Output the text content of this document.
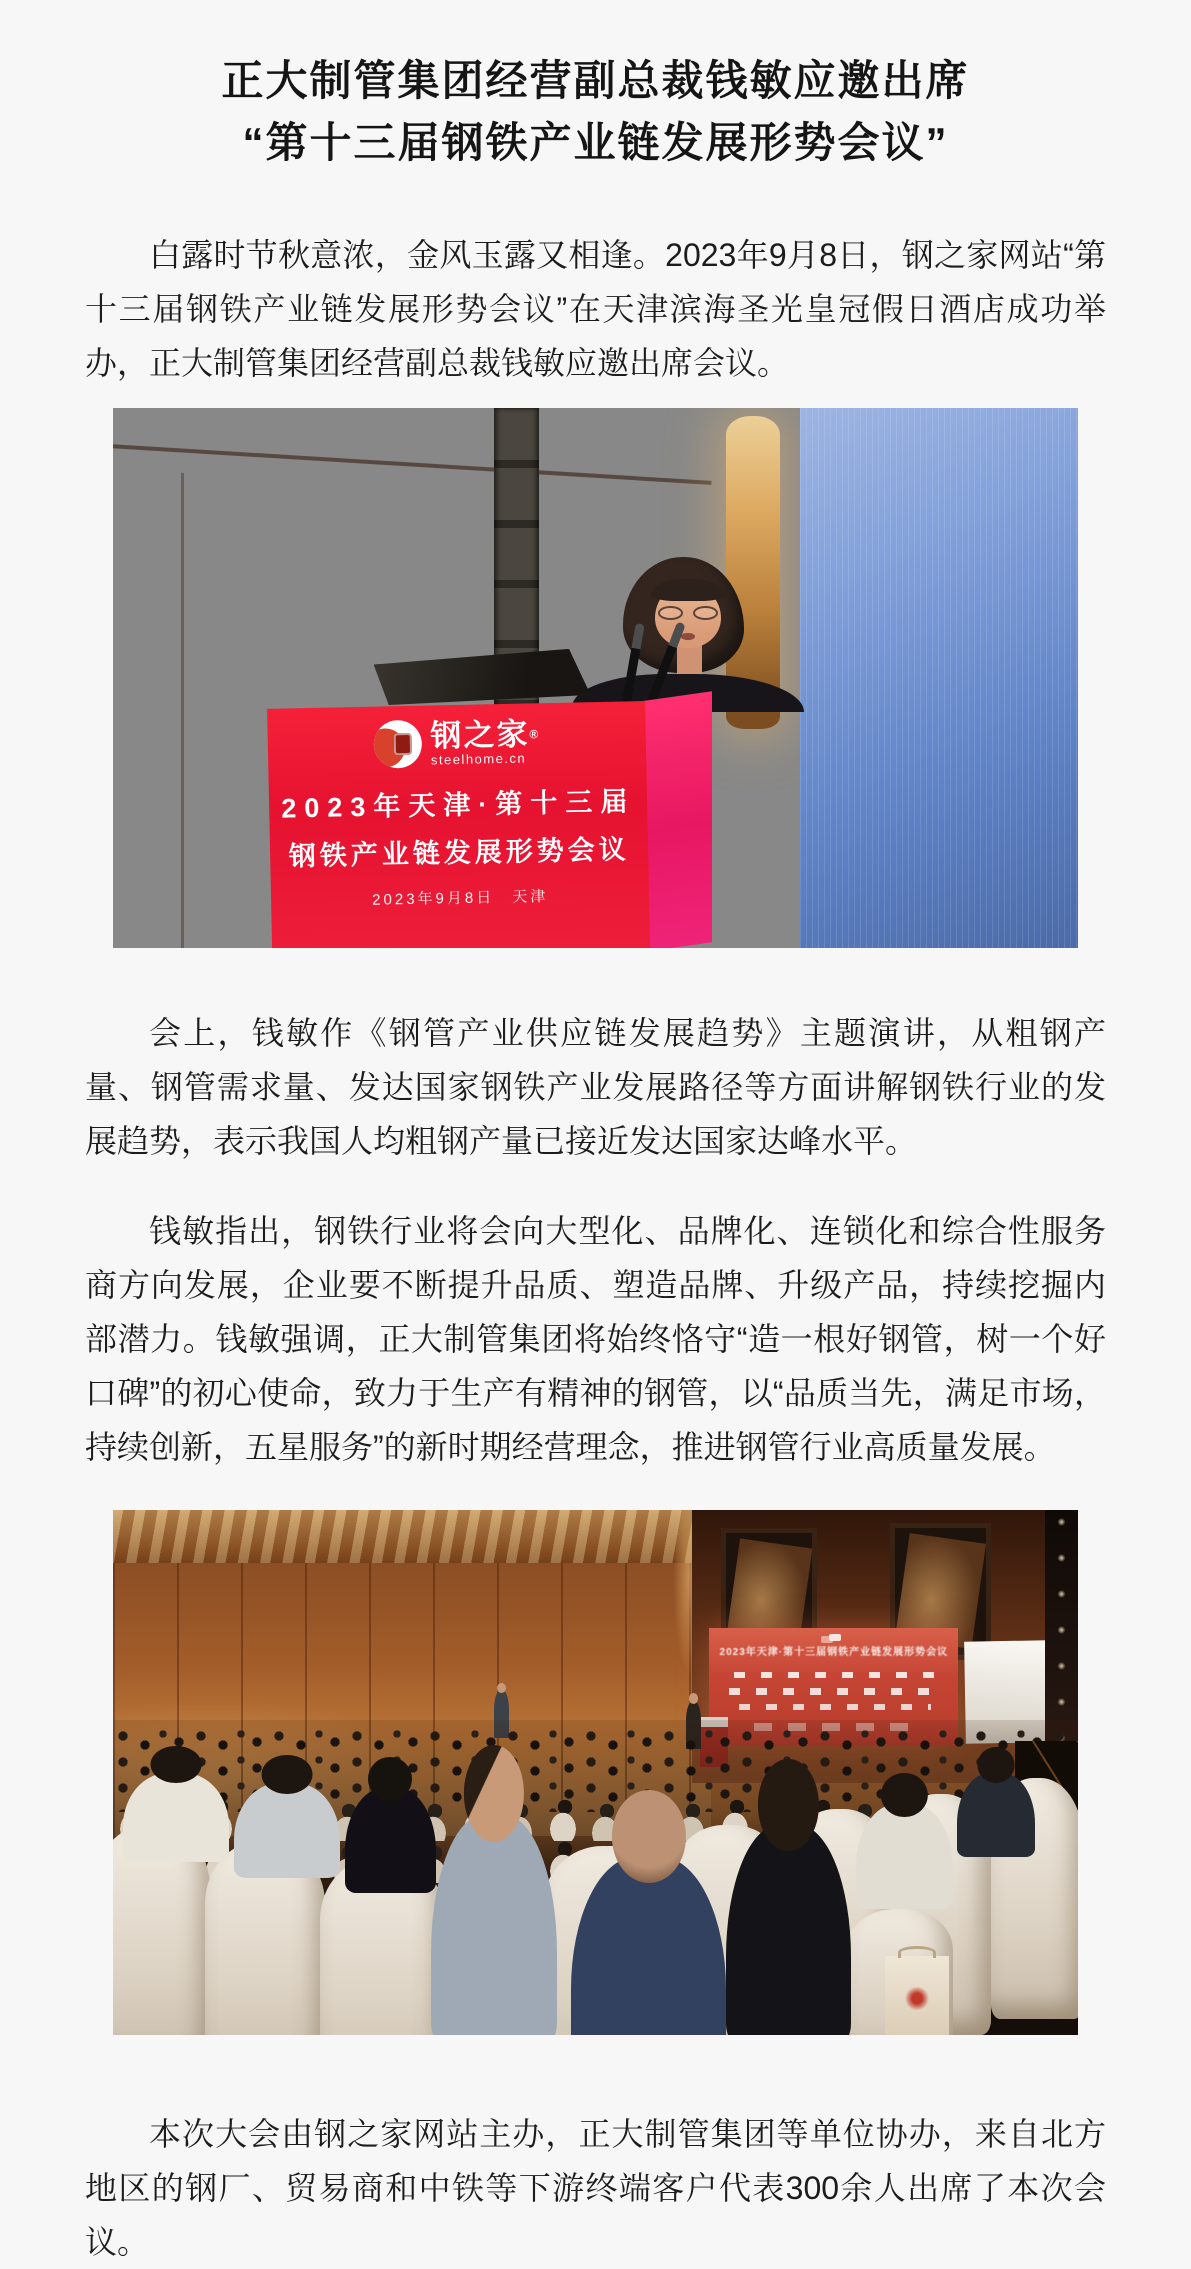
正大制管集团经营副总裁钱敏应邀出席
“第十三届钢铁产业链发展形势会议”

白露时节秋意浓，金风玉露又相逢。2023年9月8日，钢之家网站“第十三届钢铁产业链发展形势会议”在天津滨海圣光皇冠假日酒店成功举办，正大制管集团经营副总裁钱敏应邀出席会议。

钢之家®
steelhome.cn
2023年天津·第十三届
钢铁产业链发展形势会议
2023年9月8日　天津

会上，钱敏作《钢管产业供应链发展趋势》主题演讲，从粗钢产量、钢管需求量、发达国家钢铁产业发展路径等方面讲解钢铁行业的发展趋势，表示我国人均粗钢产量已接近发达国家达峰水平。

钱敏指出，钢铁行业将会向大型化、品牌化、连锁化和综合性服务商方向发展，企业要不断提升品质、塑造品牌、升级产品，持续挖掘内部潜力。钱敏强调，正大制管集团将始终恪守“造一根好钢管，树一个好口碑”的初心使命，致力于生产有精神的钢管，以“品质当先，满足市场，持续创新，五星服务”的新时期经营理念，推进钢管行业高质量发展。

2023年天津·第十三届钢铁产业链发展形势会议

本次大会由钢之家网站主办，正大制管集团等单位协办，来自北方地区的钢厂、贸易商和中铁等下游终端客户代表300余人出席了本次会议。
